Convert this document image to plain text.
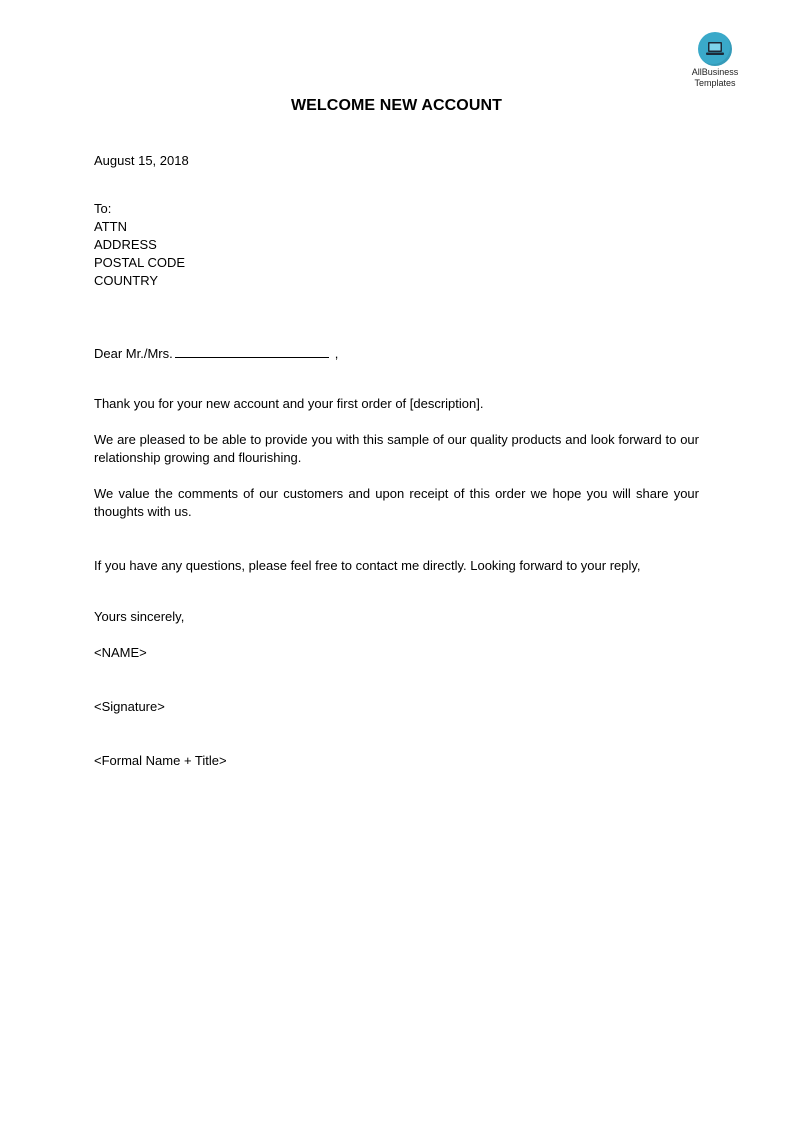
AllBusiness
Templates
WELCOME NEW ACCOUNT
August 15, 2018
To:
ATTN
ADDRESS
POSTAL CODE
COUNTRY
Dear Mr./Mrs.	,
Thank you for your new account and your first order of [description].
We are pleased to be able to provide you with this sample of our quality products and look forward to our relationship growing and flourishing.
We value the comments of our customers and upon receipt of this order we hope you will share your thoughts with us.
If you have any questions, please feel free to contact me directly. Looking forward to your reply,
Yours sincerely,
<NAME>
<Signature>
<Formal Name + Title>
